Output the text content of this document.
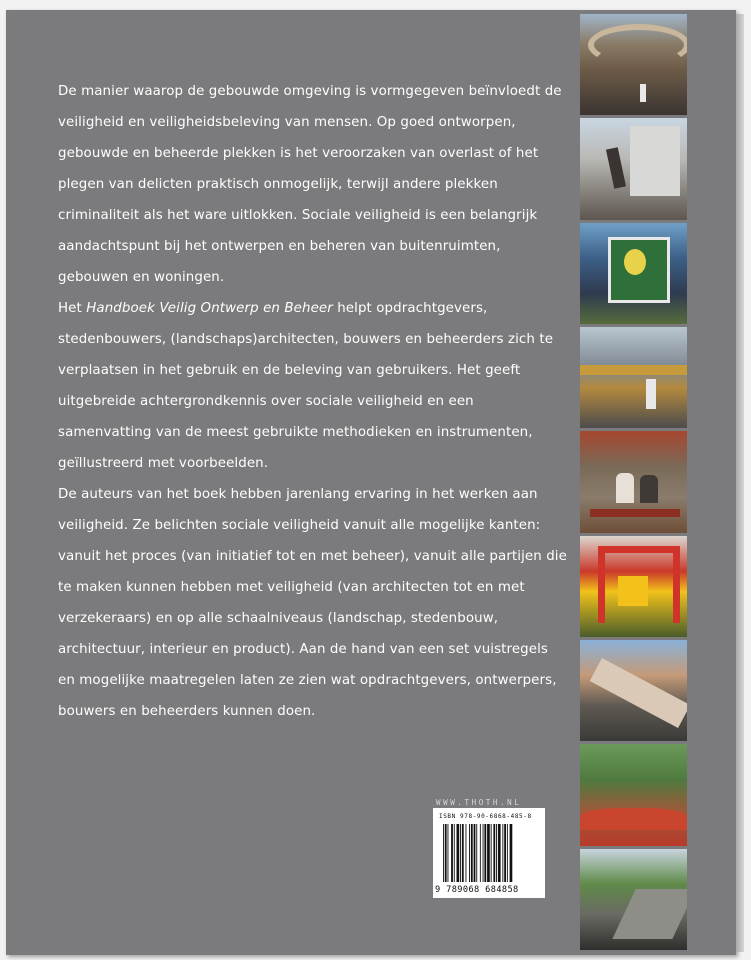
De manier waarop de gebouwde omgeving is vormgegeven beïnvloedt de veiligheid en veiligheidsbeleving van mensen. Op goed ontworpen, gebouwde en beheerde plekken is het veroorzaken van overlast of het plegen van delicten praktisch onmogelijk, terwijl andere plekken criminaliteit als het ware uitlokken. Sociale veiligheid is een belangrijk aandachtspunt bij het ontwerpen en beheren van buitenruimten, gebouwen en woningen.

Het Handboek Veilig Ontwerp en Beheer helpt opdrachtgevers, stedenbouwers, (landschaps)architecten, bouwers en beheerders zich te verplaatsen in het gebruik en de beleving van gebruikers. Het geeft uitgebreide achtergrondkennis over sociale veiligheid en een samenvatting van de meest gebruikte methodieken en instrumenten, geïllustreerd met voorbeelden.

De auteurs van het boek hebben jarenlang ervaring in het werken aan veiligheid. Ze belichten sociale veiligheid vanuit alle mogelijke kanten: vanuit het proces (van initiatief tot en met beheer), vanuit alle partijen die te maken kunnen hebben met veiligheid (van architecten tot en met verzekeraars) en op alle schaalniveaus (landschap, stedenbouw, architectuur, interieur en product). Aan de hand van een set vuistregels en mogelijke maatregelen laten ze zien wat opdrachtgevers, ontwerpers, bouwers en beheerders kunnen doen.

WWW.THOTH.NL
ISBN 978-90-6868-485-8
9 789068 684858
